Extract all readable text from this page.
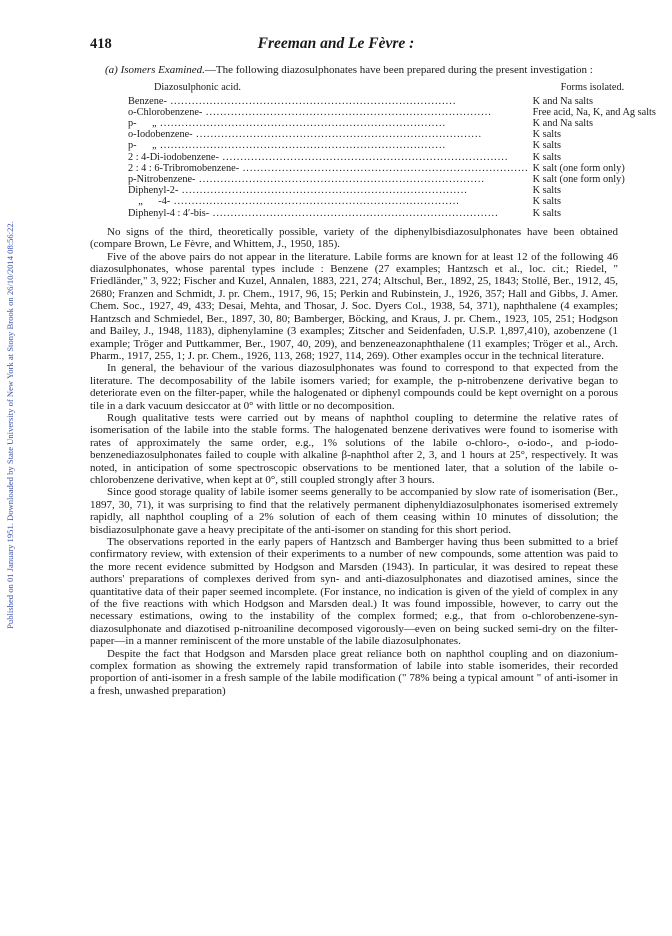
Published on 01 January 1951. Downloaded by State University of New York at Stony Brook on 26/10/2014 08:56:22.
418	Freeman and Le Fèvre :

(a) Isomers Examined.—The following diazosulphonates have been prepared during the present investigation :

Diazosulphonic acid.	Forms isolated.
Benzene- ................................................................................	K and Na salts
o-Chlorobenzene- ................................................................................	Free acid, Na, K, and Ag salts
p-      „ ................................................................................	K and Na salts
o-Iodobenzene- ................................................................................	K salts
p-      „ ................................................................................	K salts
2 : 4-Di-iodobenzene- ................................................................................	K salts
2 : 4 : 6-Tribromobenzene- ................................................................................	K salt (one form only)
p-Nitrobenzene- ................................................................................	K salt (one form only)
Diphenyl-2- ................................................................................	K salts
„      -4- ................................................................................	K salts
Diphenyl-4 : 4′-bis- ................................................................................	K salts

No signs of the third, theoretically possible, variety of the diphenylbisdiazosulphonates have been obtained (compare Brown, Le Fèvre, and Whittem, J., 1950, 185).

Five of the above pairs do not appear in the literature. Labile forms are known for at least 12 of the following 46 diazosulphonates, whose parental types include : Benzene (27 examples; Hantzsch et al., loc. cit.; Riedel, " Friedländer," 3, 922; Fischer and Kuzel, Annalen, 1883, 221, 274; Altschul, Ber., 1892, 25, 1843; Stollé, Ber., 1912, 45, 2680; Franzen and Schmidt, J. pr. Chem., 1917, 96, 15; Perkin and Rubinstein, J., 1926, 357; Hall and Gibbs, J. Amer. Chem. Soc., 1927, 49, 433; Desai, Mehta, and Thosar, J. Soc. Dyers Col., 1938, 54, 371), naphthalene (4 examples; Hantzsch and Schmiedel, Ber., 1897, 30, 80; Bamberger, Böcking, and Kraus, J. pr. Chem., 1923, 105, 251; Hodgson and Bailey, J., 1948, 1183), diphenylamine (3 examples; Zitscher and Seidenfaden, U.S.P. 1,897,410), azobenzene (1 example; Tröger and Puttkammer, Ber., 1907, 40, 209), and benzeneazonaphthalene (11 examples; Tröger et al., Arch. Pharm., 1917, 255, 1; J. pr. Chem., 1926, 113, 268; 1927, 114, 269). Other examples occur in the technical literature.

In general, the behaviour of the various diazosulphonates was found to correspond to that expected from the literature. The decomposability of the labile isomers varied; for example, the p-nitrobenzene derivative began to deteriorate even on the filter-paper, while the halogenated or diphenyl compounds could be kept overnight on a porous tile in a dark vacuum desiccator at 0° with little or no decomposition.

Rough qualitative tests were carried out by means of naphthol coupling to determine the relative rates of isomerisation of the labile into the stable forms. The halogenated benzene derivatives were found to isomerise with rates of approximately the same order, e.g., 1% solutions of the labile o-chloro-, o-iodo-, and p-iodo-benzenediazosulphonates failed to couple with alkaline β-naphthol after 2, 3, and 1 hours at 25°, respectively. It was noted, in anticipation of some spectroscopic observations to be mentioned later, that a solution of the labile o-chlorobenzene derivative, when kept at 0°, still coupled strongly after 3 hours.

Since good storage quality of labile isomer seems generally to be accompanied by slow rate of isomerisation (Ber., 1897, 30, 71), it was surprising to find that the relatively permanent diphenyldiazosulphonates isomerised extremely rapidly, all naphthol coupling of a 2% solution of each of them ceasing within 10 minutes of dissolution; the bisdiazosulphonate gave a heavy precipitate of the anti-isomer on standing for this short period.

The observations reported in the early papers of Hantzsch and Bamberger having thus been submitted to a brief confirmatory review, with extension of their experiments to a number of new compounds, some attention was paid to the more recent evidence submitted by Hodgson and Marsden (1943). In particular, it was desired to repeat these authors' preparations of complexes derived from syn- and anti-diazosulphonates and diazotised amines, since the quantitative data of their paper seemed incomplete. (For instance, no indication is given of the yield of complex in any of the five reactions with which Hodgson and Marsden deal.) It was found impossible, however, to carry out the necessary estimations, owing to the instability of the complex formed; e.g., that from o-chlorobenzene-syn-diazosulphonate and diazotised p-nitroaniline decomposed vigorously—even on being sucked semi-dry on the filter-paper—in a manner reminiscent of the more unstable of the labile diazosulphonates.

Despite the fact that Hodgson and Marsden place great reliance both on naphthol coupling and on diazonium-complex formation as showing the extremely rapid transformation of labile into stable isomerides, their recorded proportion of anti-isomer in a fresh sample of the labile modification (" 78% being a typical amount " of anti-isomer in a fresh, unwashed preparation)
